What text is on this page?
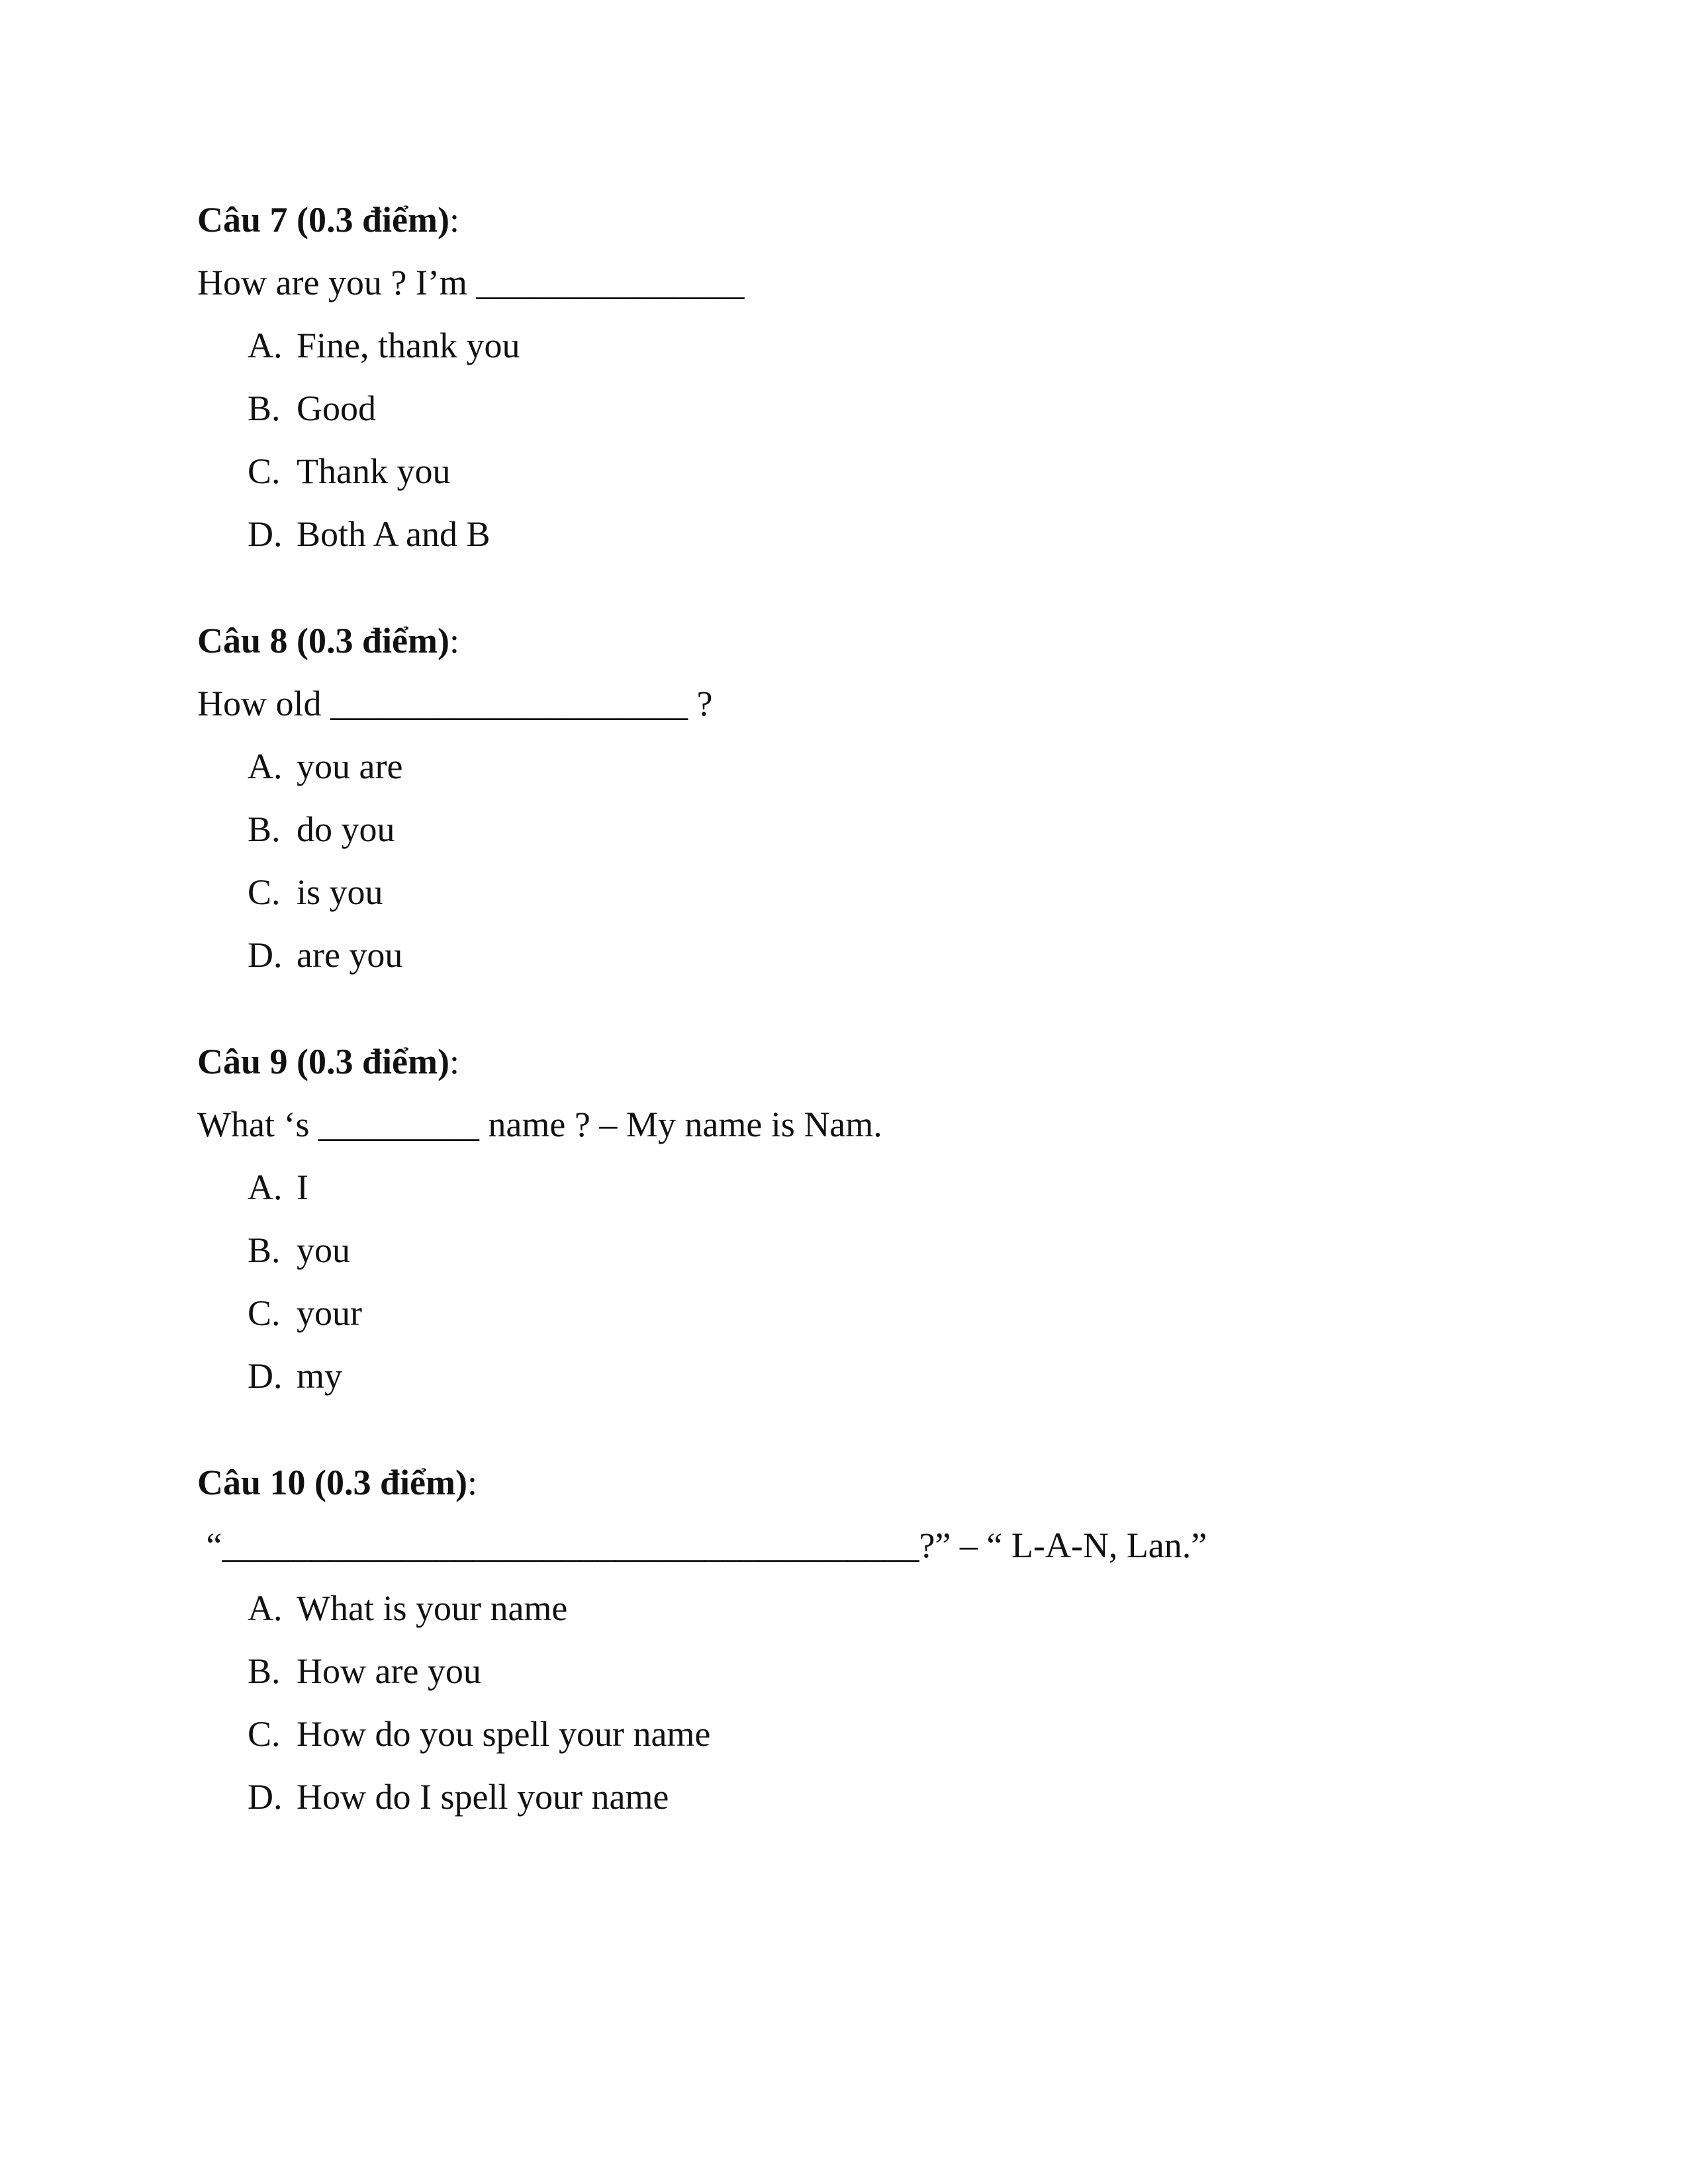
Câu 7 (0.3 điểm):
How are you ? I’m _______________
A. Fine, thank you
B. Good
C. Thank you
D. Both A and B
Câu 8 (0.3 điểm):
How old ____________________ ?
A. you are
B. do you
C. is you
D. are you
Câu 9 (0.3 điểm):
What ‘s _________ name ? – My name is Nam.
A. I
B. you
C. your
D. my
Câu 10 (0.3 điểm):
“_______________________________________?” – “ L-A-N, Lan.”
A. What is your name
B. How are you
C. How do you spell your name
D. How do I spell your name
